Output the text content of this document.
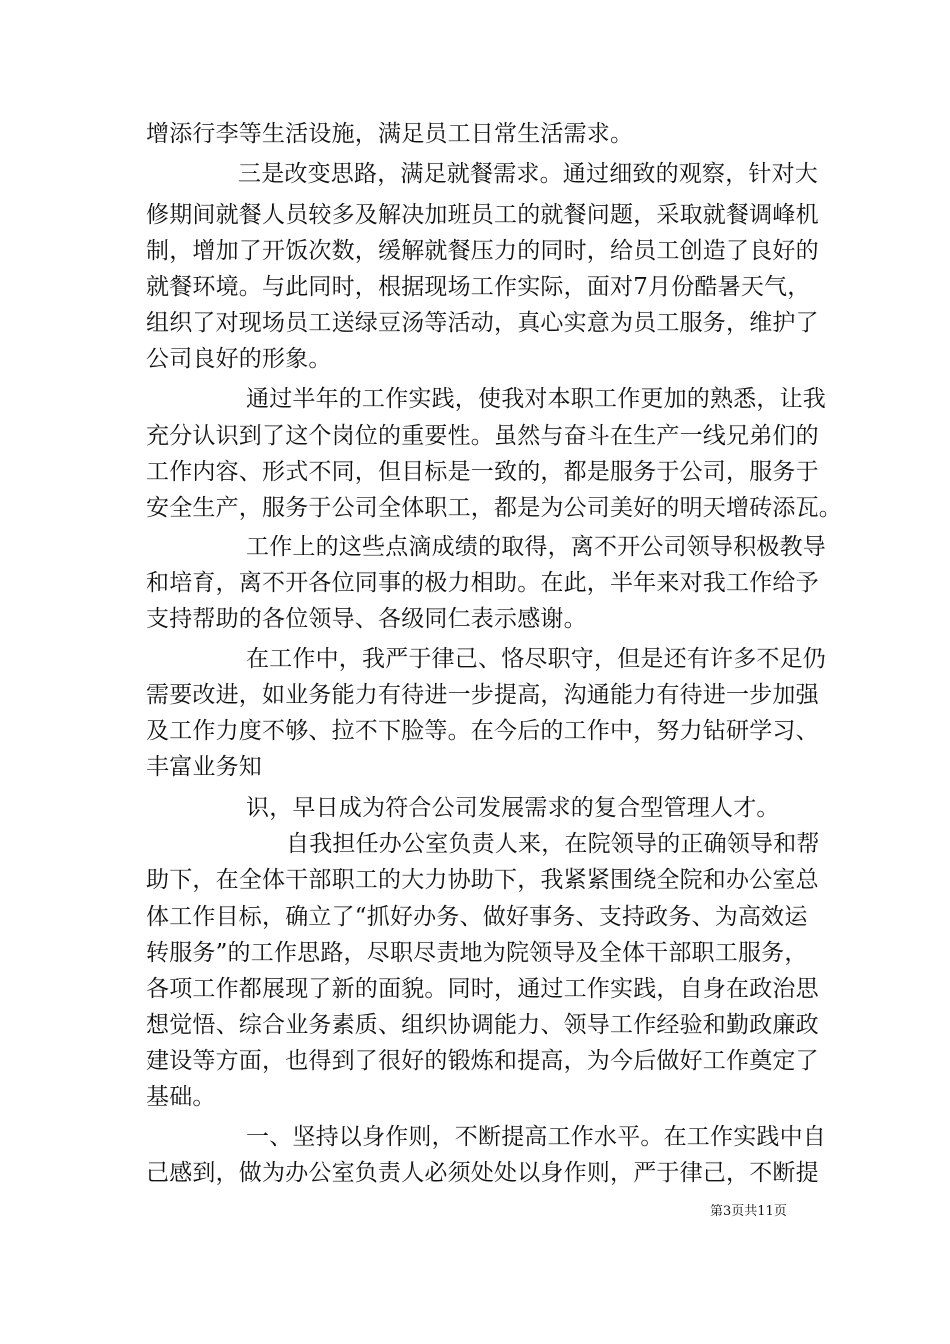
增添行李等生活设施，满足员工日常生活需求。
三是改变思路，满足就餐需求。通过细致的观察，针对大
修期间就餐人员较多及解决加班员工的就餐问题，采取就餐调峰机
制，增加了开饭次数，缓解就餐压力的同时，给员工创造了良好的
就餐环境。与此同时，根据现场工作实际，面对7月份酷暑天气，
组织了对现场员工送绿豆汤等活动，真心实意为员工服务，维护了
公司良好的形象。
通过半年的工作实践，使我对本职工作更加的熟悉，让我
充分认识到了这个岗位的重要性。虽然与奋斗在生产一线兄弟们的
工作内容、形式不同，但目标是一致的，都是服务于公司，服务于
安全生产，服务于公司全体职工，都是为公司美好的明天增砖添瓦。
工作上的这些点滴成绩的取得，离不开公司领导积极教导
和培育，离不开各位同事的极力相助。在此，半年来对我工作给予
支持帮助的各位领导、各级同仁表示感谢。
在工作中，我严于律己、恪尽职守，但是还有许多不足仍
需要改进，如业务能力有待进一步提高，沟通能力有待进一步加强
及工作力度不够、拉不下脸等。在今后的工作中，努力钻研学习、
丰富业务知
识，早日成为符合公司发展需求的复合型管理人才。
自我担任办公室负责人来，在院领导的正确领导和帮
助下，在全体干部职工的大力协助下，我紧紧围绕全院和办公室总
体工作目标，确立了“抓好办务、做好事务、支持政务、为高效运
转服务”的工作思路，尽职尽责地为院领导及全体干部职工服务，
各项工作都展现了新的面貌。同时，通过工作实践，自身在政治思
想觉悟、综合业务素质、组织协调能力、领导工作经验和勤政廉政
建设等方面，也得到了很好的锻炼和提高，为今后做好工作奠定了
基础。
一、坚持以身作则，不断提高工作水平。在工作实践中自
己感到，做为办公室负责人必须处处以身作则，严于律己，不断提
第3页共11页
